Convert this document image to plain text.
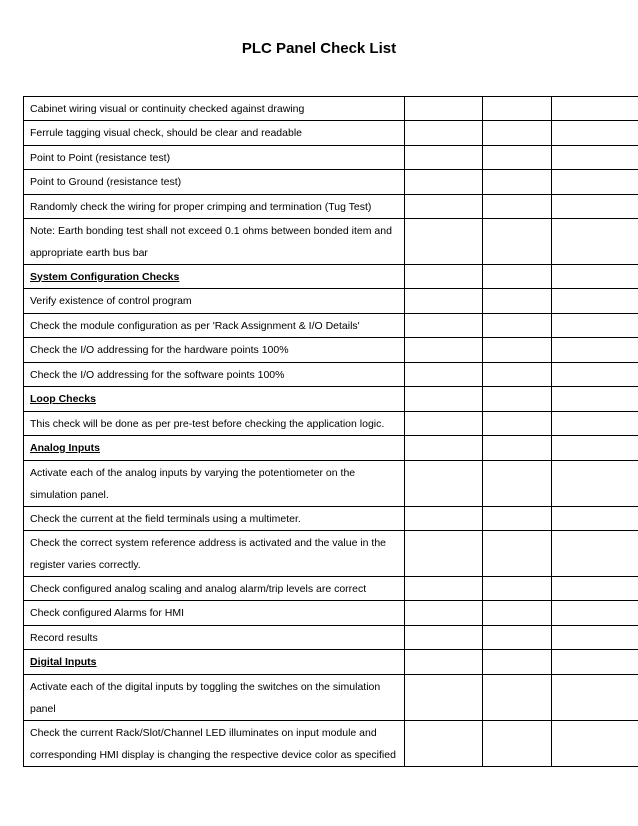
PLC Panel Check List
Cabinet wiring visual or continuity checked against drawing			
Ferrule tagging visual check, should be clear and readable			
Point to Point (resistance test)			
Point to Ground (resistance test)			
Randomly check the wiring for proper crimping and termination (Tug Test)			
Note: Earth bonding test shall not exceed 0.1 ohms between bonded item and appropriate earth bus bar			
System Configuration Checks			
Verify existence of control program			
Check the module configuration as per 'Rack Assignment & I/O Details'			
Check the I/O addressing for the hardware points 100%			
Check the I/O addressing for the software points 100%			
Loop Checks			
This check will be done as per pre-test before checking the application logic.			
Analog Inputs			
Activate each of the analog inputs by varying the potentiometer on the simulation panel.			
Check the current at the field terminals using a multimeter.			
Check the correct system reference address is activated and the value in the register varies correctly.			
Check configured analog scaling and analog alarm/trip levels are correct			
Check configured Alarms for HMI			
Record results			
Digital Inputs			
Activate each of the digital inputs by toggling the switches on the simulation panel			
Check the current Rack/Slot/Channel LED illuminates on input module and corresponding HMI display is changing the respective device color as specified			
